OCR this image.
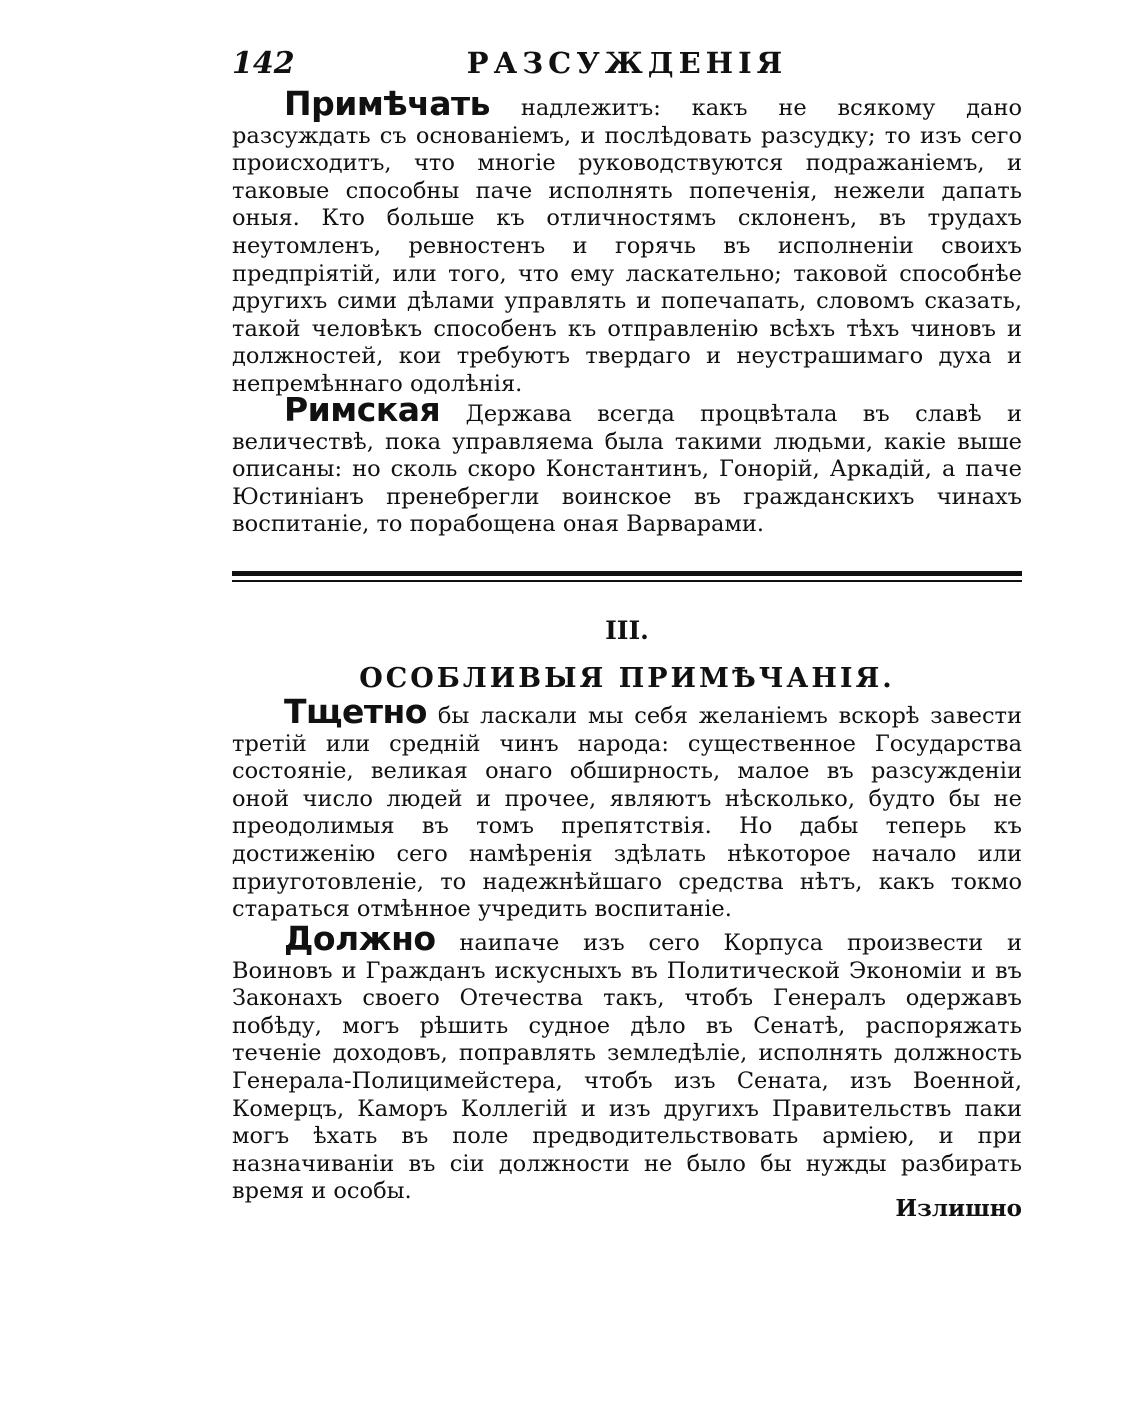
142	РАЗСУЖДЕНІЯ

Примѣчать надлежитъ: какъ не всякому дано разсуждать съ основаніемъ, и послѣдовать разсудку; то изъ сего происходитъ, что многіе руководствуются подражаніемъ, и таковые способны паче исполнять попеченія, нежели дапать оныя. Кто больше къ отличностямъ склоненъ, въ трудахъ неутомленъ, ревностенъ и горячь въ исполненіи своихъ предпріятій, или того, что ему ласкательно; таковой способнѣе другихъ сими дѣлами управлять и попечапать, словомъ сказать, такой человѣкъ способенъ къ отправленію всѣхъ тѣхъ чиновъ и должностей, кои требуютъ твердаго и неустрашимаго духа и непремѣннаго одолѣнія.

Римская Держава всегда процвѣтала въ славѣ и величествѣ, пока управляема была такими людьми, какіе выше описаны: но сколь скоро Константинъ, Гонорій, Аркадій, а паче Юстиніанъ пренебрегли воинское въ гражданскихъ чинахъ воспитаніе, то порабощена оная Варварами.

III.
ОСОБЛИВЫЯ ПРИМѢЧАНІЯ.

Тщетно бы ласкали мы себя желаніемъ вскорѣ завести третій или средній чинъ народа: существенное Государства состояніе, великая онаго обширность, малое въ разсужденіи оной число людей и прочее, являютъ нѣсколько, будто бы не преодолимыя въ томъ препятствія. Но дабы теперь къ достиженію сего намѣренія здѣлать нѣкоторое начало или приуготовленіе, то надежнѣйшаго средства нѣтъ, какъ токмо стараться отмѣнное учредить воспитаніе.

Должно наипаче изъ сего Корпуса произвести и Воиновъ и Гражданъ искусныхъ въ Политической Экономіи и въ Законахъ своего Отечества такъ, чтобъ Генералъ одержавъ побѣду, могъ рѣшить судное дѣло въ Сенатѣ, распоряжать теченіе доходовъ, поправлять земледѣліе, исполнять должность Генерала-Полицимейстера, чтобъ изъ Сената, изъ Военной, Комерцъ, Каморъ Коллегій и изъ другихъ Правительствъ паки могъ ѣхать въ поле предводительствовать арміею, и при назначиваніи въ сіи должности не было бы нужды разбирать время и особы.

Излишно
